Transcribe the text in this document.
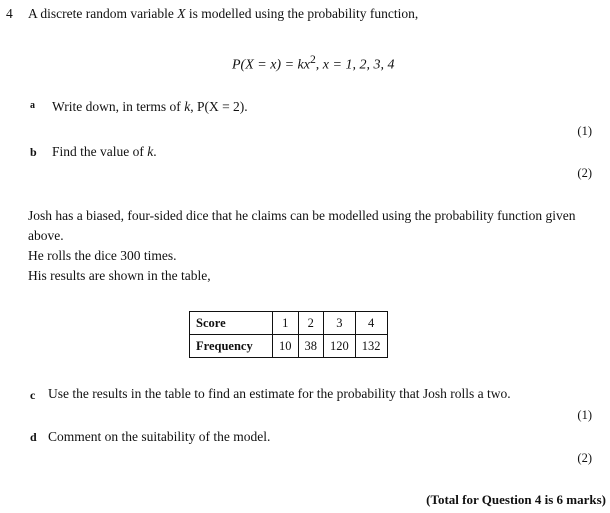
4 A discrete random variable X is modelled using the probability function,
$P(X = x) = kx^2$, x = 1, 2, 3, 4
a Write down, in terms of k, P(X = 2).
(1)
b Find the value of k.
(2)
Josh has a biased, four-sided dice that he claims can be modelled using the probability function given above.
He rolls the dice 300 times.
His results are shown in the table,
Score	1	2	3	4
Frequency	10	38	120	132
c Use the results in the table to find an estimate for the probability that Josh rolls a two.
(1)
d Comment on the suitability of the model.
(2)
(Total for Question 4 is 6 marks)
